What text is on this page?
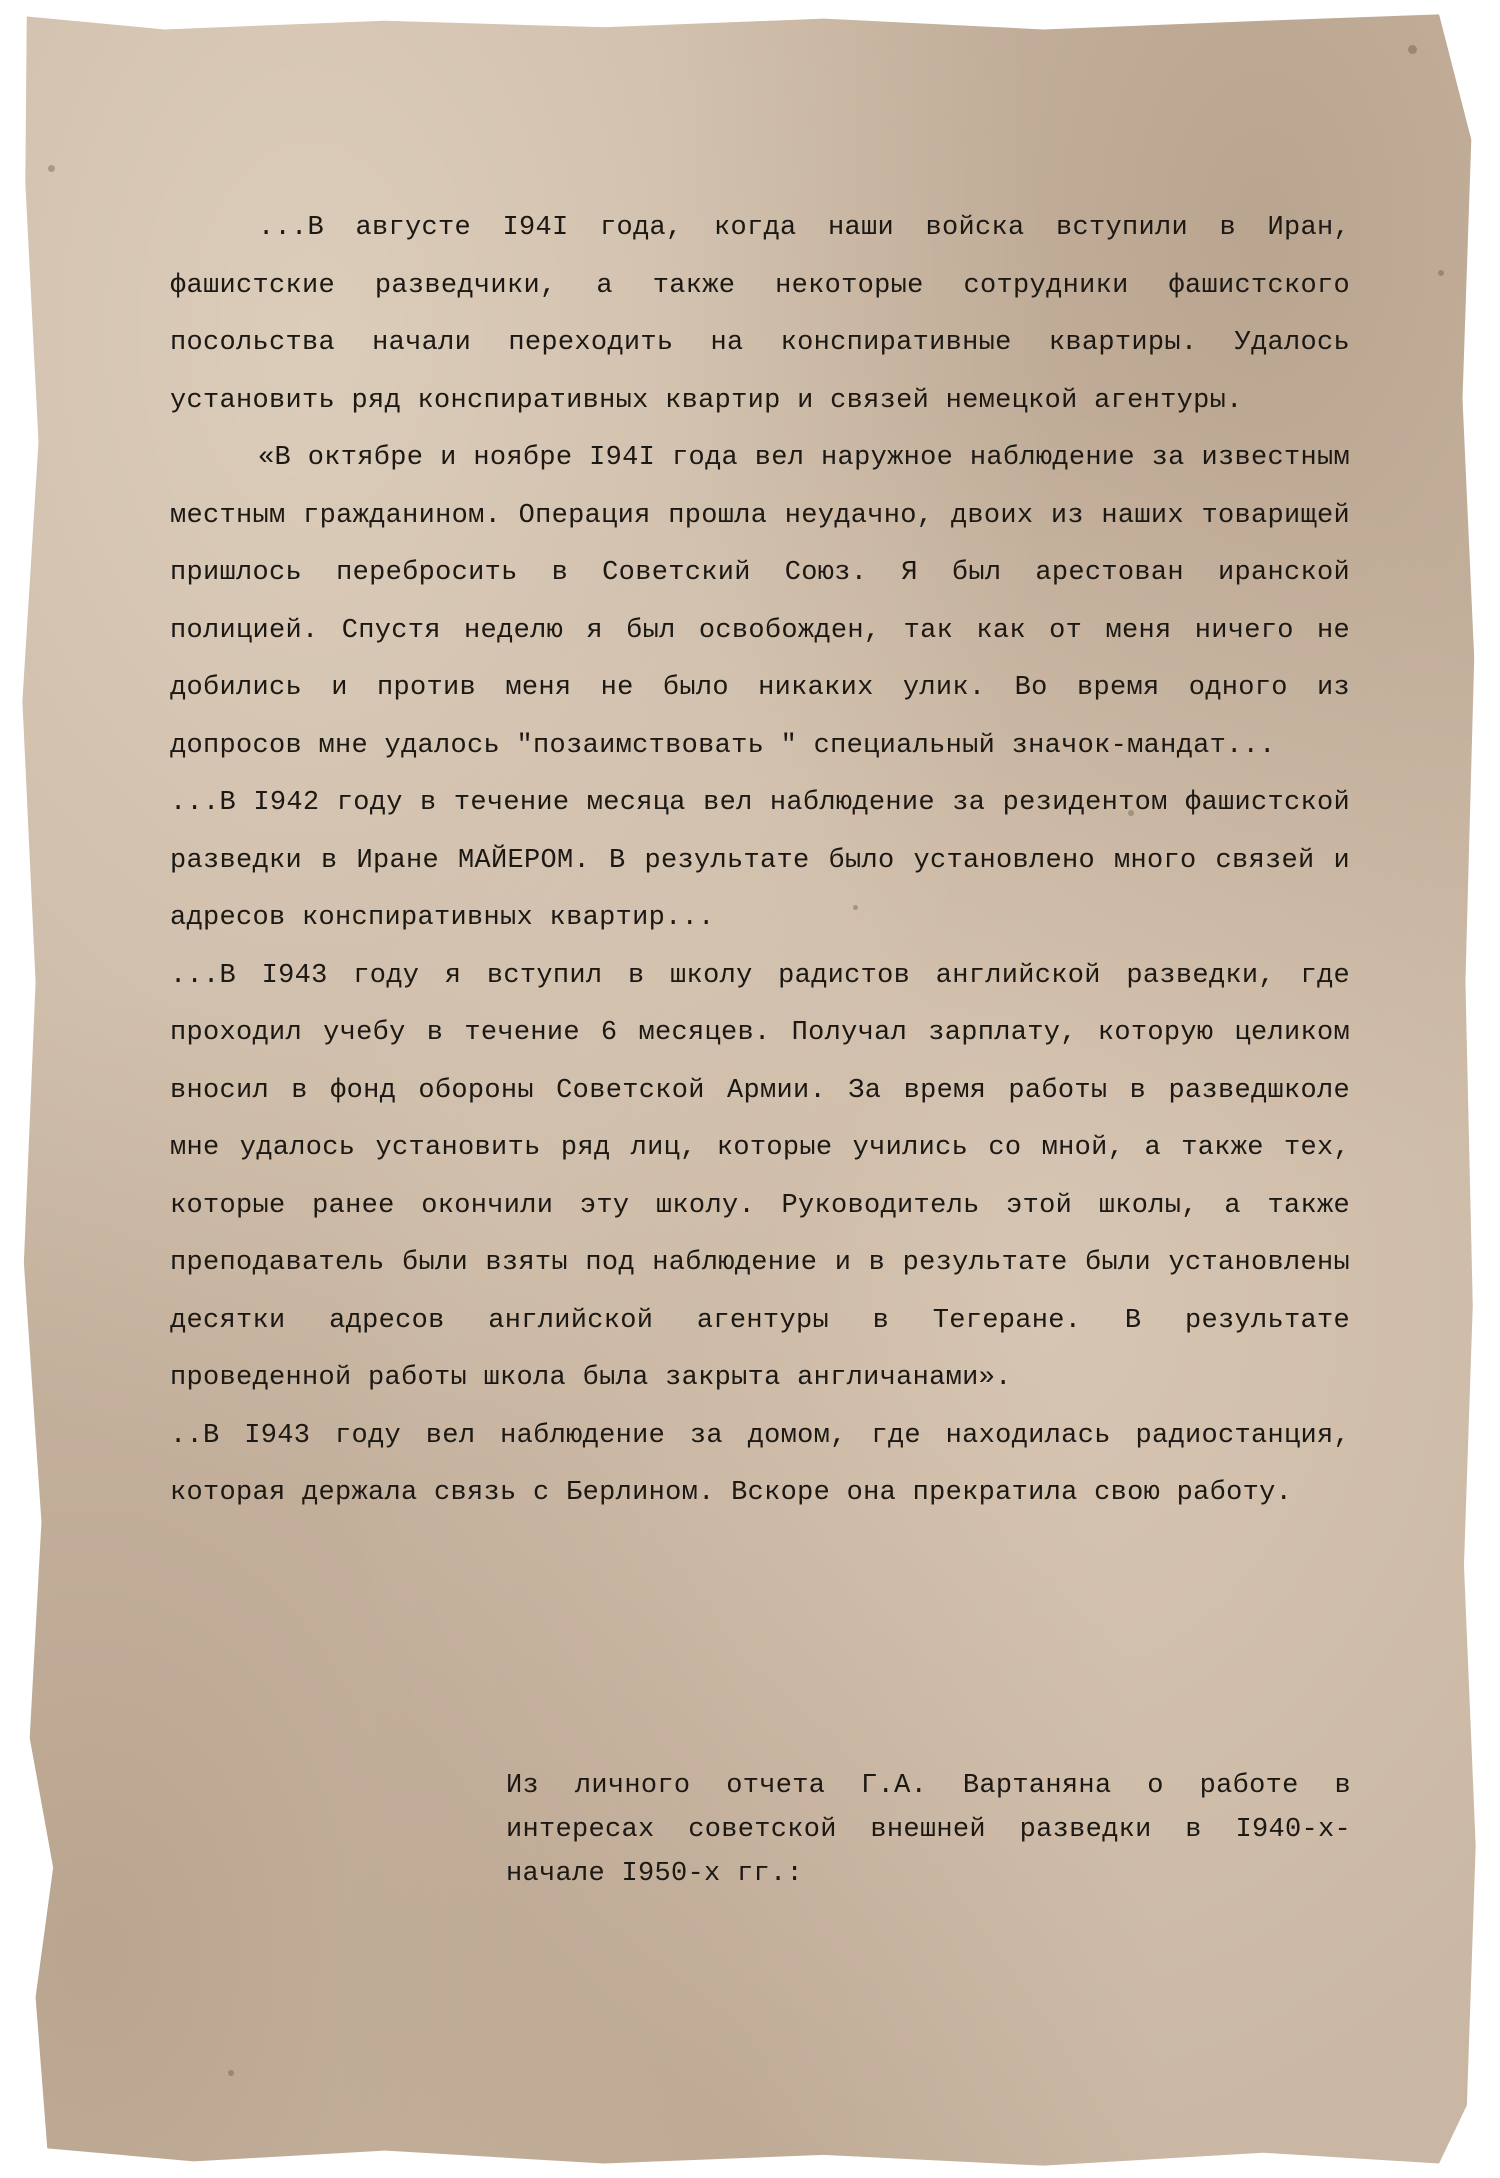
...В августе I94I года, когда наши войска вступили в Иран, фашистские разведчики, а также некоторые сотрудники фашистского посольства начали переходить на конспиративные квартиры. Удалось установить ряд конспиративных квартир и связей немецкой агентуры.

«В октябре и ноябре I94I года вел наружное наблюдение за известным местным гражданином. Операция прошла неудачно, двоих из наших товарищей пришлось перебросить в Советский Союз. Я был арестован иранской полицией. Спустя неделю я был освобожден, так как от меня ничего не добились и против меня не было никаких улик. Во время одного из допросов мне удалось "позаимствовать " специальный значок-мандат...

...В I942 году в течение месяца вел наблюдение за резидентом фашистской разведки в Иране МАЙЕРОМ. В результате было установлено много связей и адресов конспиративных квартир...

...В I943 году я вступил в школу радистов английской разведки, где проходил учебу в течение 6 месяцев. Получал зарплату, которую целиком вносил в фонд обороны Советской Армии. За время работы в разведшколе мне удалось установить ряд лиц, которые учились со мной, а также тех, которые ранее окончили эту школу. Руководитель этой школы, а также преподаватель были взяты под наблюдение и в результате были установлены десятки адресов английской агентуры в Тегеране. В результате проведенной работы школа была закрыта англичанами».

..В I943 году вел наблюдение за домом, где находилась радиостанция, которая держала связь с Берлином. Вскоре она прекратила свою работу.

Из личного отчета Г.А. Вартаняна о работе в интересах советской внешней разведки в I940-х- начале I950-х гг.:
